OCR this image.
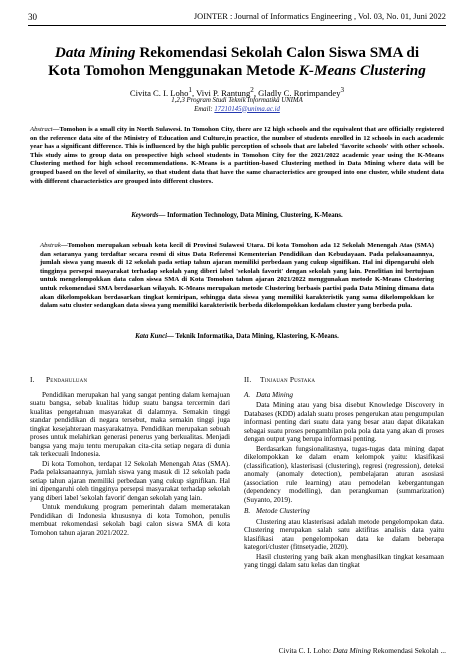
30	JOINTER : Journal of Informatics Engineering , Vol. 03, No. 01, Juni 2022
Data Mining Rekomendasi Sekolah Calon Siswa SMA di
Kota Tomohon Menggunakan Metode K-Means Clustering
Civita C. I. Loho$^1$, Vivi P. Rantung$^2$, Gladly C. Rorimpandey$^3$
1,2,3 Program Studi Teknik Informatika UNIMA
Email: 17210145@unima.ac.id
Abstract—Tomohon is a small city in North Sulawesi. In Tomohon City, there are 12 high schools and the equivalent that are officially registered on the reference data site of the Ministry of Education and Culture,in practice, the number of students enrolled in 12 schools in each academic year has a significant difference. This is influenced by the high public perception of schools that are labeled 'favorite schools' with other schools. This study aims to group data on prospective high school students in Tomohon City for the 2021/2022 academic year using the K-Means Clustering method for high school recommendations. K-Means is a partition-based Clustering method in Data Mining where data will be grouped based on the level of similarity, so that student data that have the same characteristics are grouped into one cluster, while student data with different characteristics are grouped into different clusters.
Keywords— Information Technology, Data Mining, Clustering, K-Means.
Abstrak—Tomohon merupakan sebuah kota kecil di Provinsi Sulawesi Utara. Di kota Tomohon ada 12 Sekolah Menengah Atas (SMA) dan setaranya yang terdaftar secara resmi di situs Data Referensi Kementerian Pendidikan dan Kebudayaan. Pada pelaksanaannya, jumlah siswa yang masuk di 12 sekolah pada setiap tahun ajaran memiliki perbedaan yang cukup signifikan. Hal ini dipengaruhi oleh tingginya persepsi masyarakat terhadap sekolah yang diberi label 'sekolah favorit' dengan sekolah yang lain. Penelitian ini bertujuan untuk mengelompokkan data calon siswa SMA di Kota Tomohon tahun ajaran 2021/2022 menggunakan metode K-Means Clustering untuk rekomendasi SMA berdasarkan wilayah. K-Means merupakan metode Clustering berbasis partisi pada Data Mining dimana data akan dikelompokkan berdasarkan tingkat kemiripan, sehingga data siswa yang memiliki karakteristik yang sama dikelompokkan ke dalam satu cluster sedangkan data siswa yang memiliki karakteristik berbeda dikelompokkan kedalam cluster yang berbeda pula.
Kata Kunci— Teknik Informatika, Data Mining, Klastering, K-Means.
I. Pendahuluan

Pendidikan merupakan hal yang sangat penting dalam kemajuan suatu bangsa, sebab kualitas hidup suatu bangsa tercermin dari kualitas pengetahuan masyarakat di dalamnya. Semakin tinggi standar pendidikan di negara tersebut, maka semakin tinggi juga tingkat kesejahteraan masyarakatnya. Pendidikan merupakan sebuah proses untuk melahirkan generasi penerus yang berkualitas. Menjadi bangsa yang maju tentu merupakan cita-cita setiap negara di dunia tak terkecuali Indonesia.

Di kota Tomohon, terdapat 12 Sekolah Menengah Atas (SMA). Pada pelaksanaannya, jumlah siswa yang masuk di 12 sekolah pada setiap tahun ajaran memiliki perbedaan yang cukup signifikan. Hal ini dipengaruhi oleh tingginya persepsi masyarakat terhadap sekolah yang diberi label 'sekolah favorit' dengan sekolah yang lain.

Untuk mendukung program pemerintah dalam memeratakan Pendidikan di Indonesia khususnya di kota Tomohon, penulis membuat rekomendasi sekolah bagi calon siswa SMA di kota Tomohon tahun ajaran 2021/2022.

II. Tinjauan Pustaka
A. Data Mining

Data Mining atau yang bisa disebut Knowledge Discovery in Databases (KDD) adalah suatu proses pengerukan atau pengumpulan informasi penting dari suatu data yang besar atau dapat dikatakan sebagai suatu proses pengambilan pola pola data yang akan di proses dengan output yang berupa informasi penting.

Berdasarkan fungsionalitasnya, tugas-tugas data mining dapat dikelompokkan ke dalam enam kelompok yaitu: klasifikasi (classification), klasterisasi (clustering), regresi (regression), deteksi anomaly (anomaly detection), pembelajaran aturan asosiasi (association rule learning) atau pemodelan kebergantungan (dependency modelling), dan perangkuman (summarization) (Suyanto, 2019).

B. Metode Clustering

Clustering atau klasterisasi adalah metode pengelompokan data. Clustering merupakan salah satu aktifitas analisis data yaitu klasifikasi atau pengelompokan data ke dalam beberapa kategori/cluster (fitnsetyadie, 2020).

Hasil clustering yang baik akan menghasilkan tingkat kesamaan yang tinggi dalam satu kelas dan tingkat

Civita C. I. Loho: Data Mining Rekomendasi Sekolah ...
